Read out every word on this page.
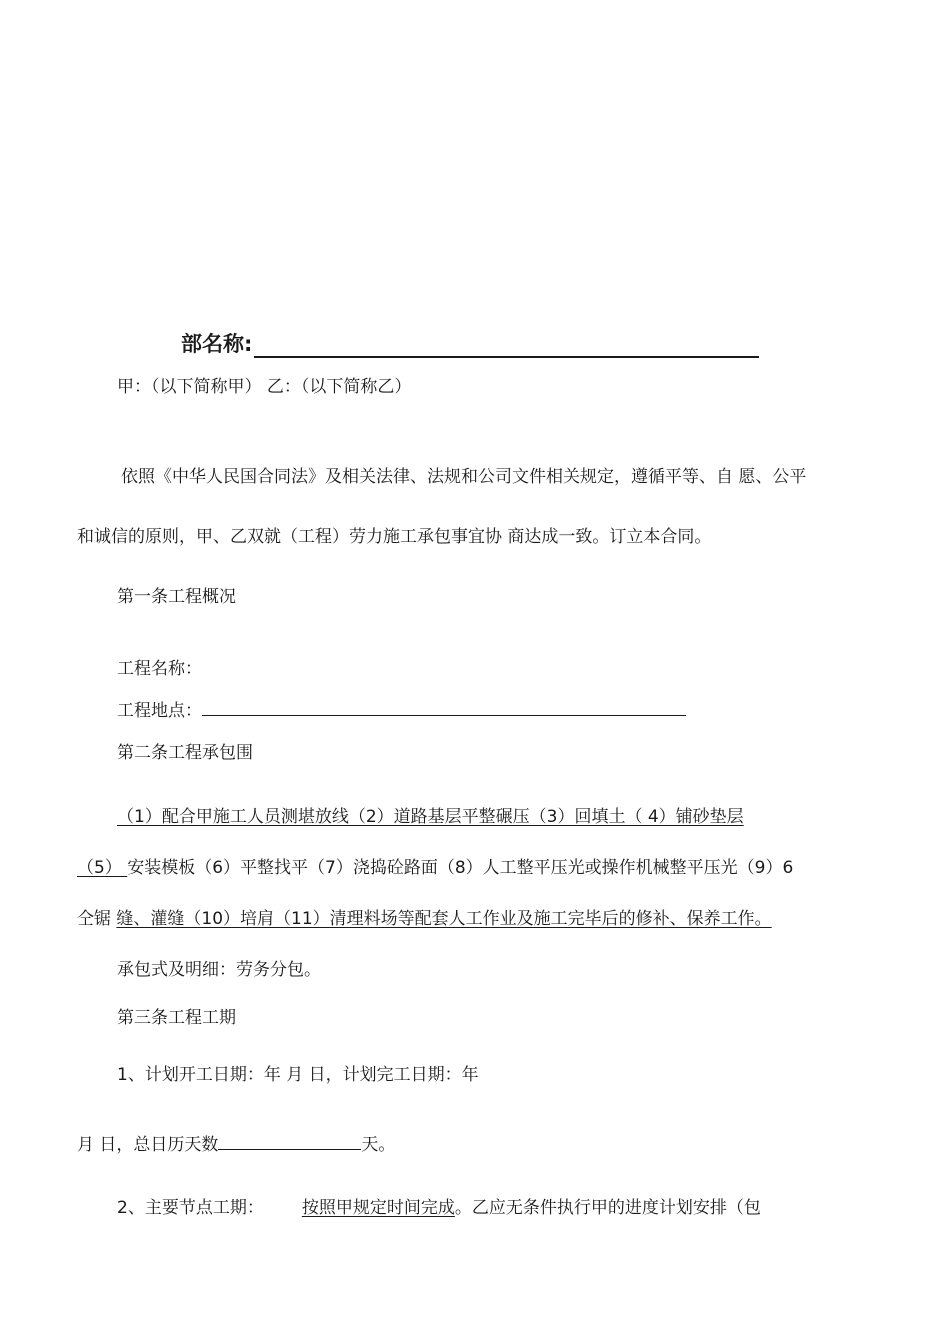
部名称:
甲：（以下简称甲） 乙：（以下简称乙）
依照《中华人民国合同法》及相关法律、法规和公司文件相关规定，遵循平等、自 愿、公平
和诚信的原则，甲、乙双就（工程）劳力施工承包事宜协 商达成一致。订立本合同。
第一条工程概况
工程名称：
工程地点：
第二条工程承包围
（1）配合甲施工人员测堪放线（2）道路基层平整碾压（3）回填土（ 4）铺砂垫层
（5） 安装模板（6）平整找平（7）浇捣砼路面（8）人工整平压光或操作机械整平压光（9）6
仝锯 缝、灌缝（10）培肩（11）清理料场等配套人工作业及施工完毕后的修补、保养工作。
承包式及明细：劳务分包。
第三条工程工期
1、计划开工日期：年 月 日，计划完工日期：年
月 日，总日历天数	天。
2、主要节点工期： 按照甲规定时间完成。乙应无条件执行甲的进度计划安排（包
